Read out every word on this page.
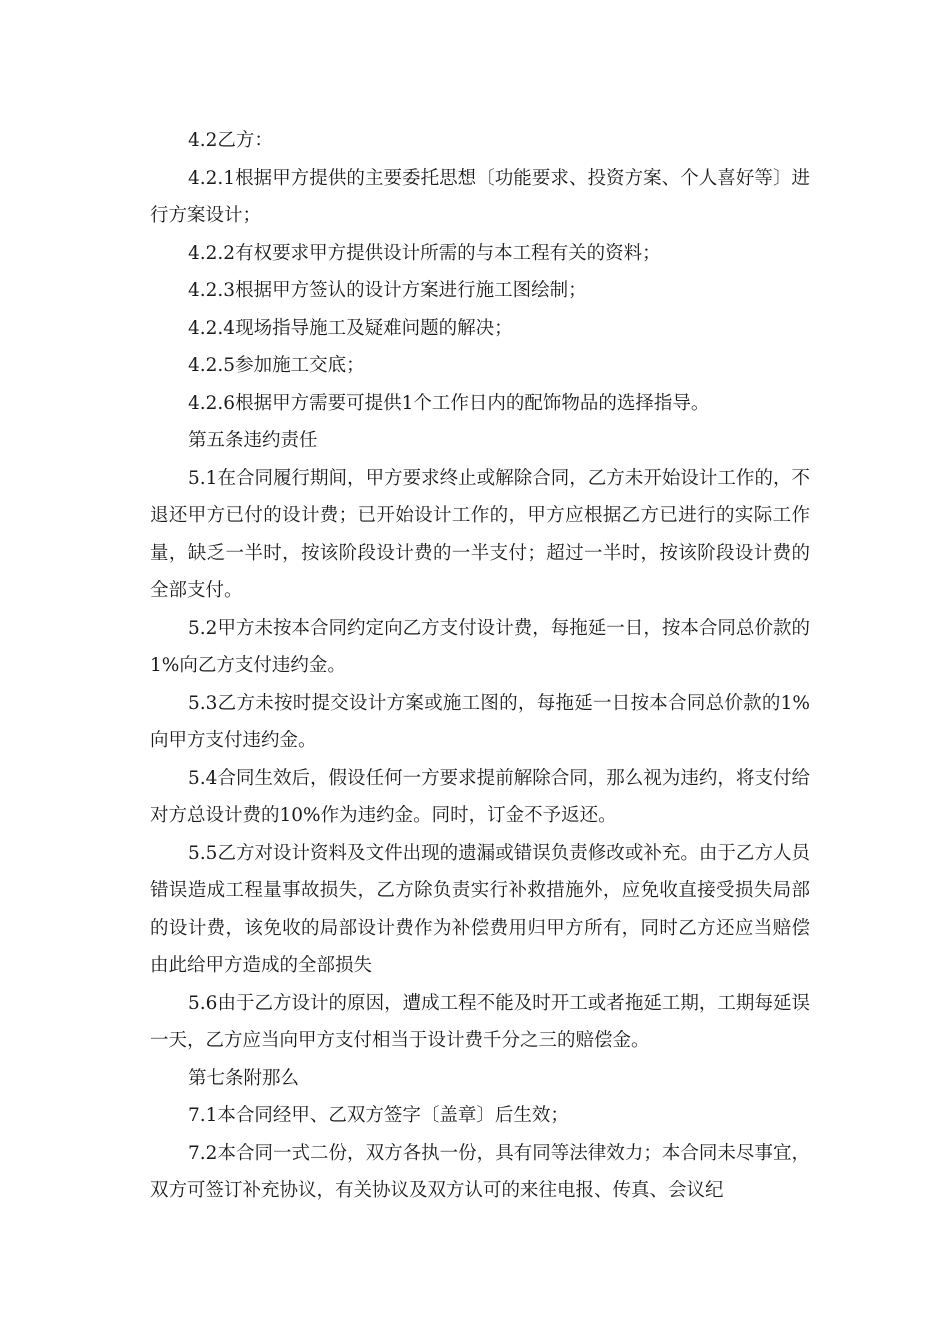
4.2乙方：

4.2.1根据甲方提供的主要委托思想〔功能要求、投资方案、个人喜好等〕进行方案设计；

4.2.2有权要求甲方提供设计所需的与本工程有关的资料；

4.2.3根据甲方签认的设计方案进行施工图绘制；

4.2.4现场指导施工及疑难问题的解决；

4.2.5参加施工交底；

4.2.6根据甲方需要可提供1个工作日内的配饰物品的选择指导。

第五条违约责任

5.1在合同履行期间，甲方要求终止或解除合同，乙方未开始设计工作的，不退还甲方已付的设计费；已开始设计工作的，甲方应根据乙方已进行的实际工作量，缺乏一半时，按该阶段设计费的一半支付；超过一半时，按该阶段设计费的全部支付。

5.2甲方未按本合同约定向乙方支付设计费，每拖延一日，按本合同总价款的1%向乙方支付违约金。

5.3乙方未按时提交设计方案或施工图的，每拖延一日按本合同总价款的1%向甲方支付违约金。

5.4合同生效后，假设任何一方要求提前解除合同，那么视为违约，将支付给对方总设计费的10%作为违约金。同时，订金不予返还。

5.5乙方对设计资料及文件出现的遗漏或错误负责修改或补充。由于乙方人员错误造成工程量事故损失，乙方除负责实行补救措施外，应免收直接受损失局部的设计费，该免收的局部设计费作为补偿费用归甲方所有，同时乙方还应当赔偿由此给甲方造成的全部损失

5.6由于乙方设计的原因，遭成工程不能及时开工或者拖延工期，工期每延误一天，乙方应当向甲方支付相当于设计费千分之三的赔偿金。

第七条附那么

7.1本合同经甲、乙双方签字〔盖章〕后生效；

7.2本合同一式二份，双方各执一份，具有同等法律效力；本合同未尽事宜，双方可签订补充协议，有关协议及双方认可的来往电报、传真、会议纪
